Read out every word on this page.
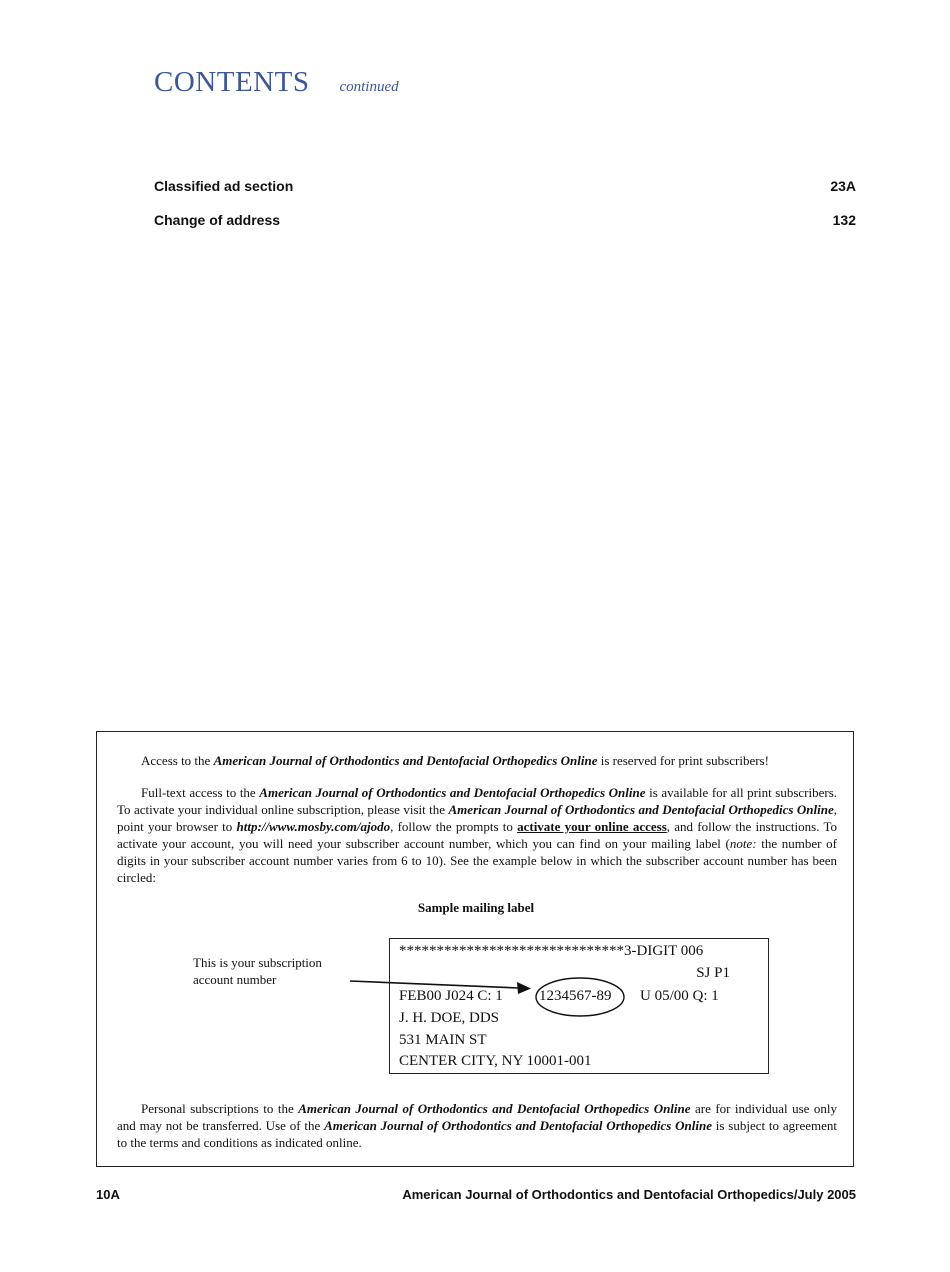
CONTENTS continued
Classified ad section	23A
Change of address	132
Access to the American Journal of Orthodontics and Dentofacial Orthopedics Online is reserved for print subscribers!
Full-text access to the American Journal of Orthodontics and Dentofacial Orthopedics Online is available for all print subscribers. To activate your individual online subscription, please visit the American Journal of Orthodontics and Dentofacial Orthopedics Online, point your browser to http://www.mosby.com/ajodo, follow the prompts to activate your online access, and follow the instructions. To activate your account, you will need your subscriber account number, which you can find on your mailing label (note: the number of digits in your subscriber account number varies from 6 to 10). See the example below in which the subscriber account number has been circled:
Sample mailing label
This is your subscription
account number
******************************3-DIGIT 006
SJ P1
FEB00 J024 C: 1 1234567-89 U 05/00 Q: 1
J. H. DOE, DDS
531 MAIN ST
CENTER CITY, NY 10001-001
Personal subscriptions to the American Journal of Orthodontics and Dentofacial Orthopedics Online are for individual use only and may not be transferred. Use of the American Journal of Orthodontics and Dentofacial Orthopedics Online is subject to agreement to the terms and conditions as indicated online.
10A	American Journal of Orthodontics and Dentofacial Orthopedics/July 2005
